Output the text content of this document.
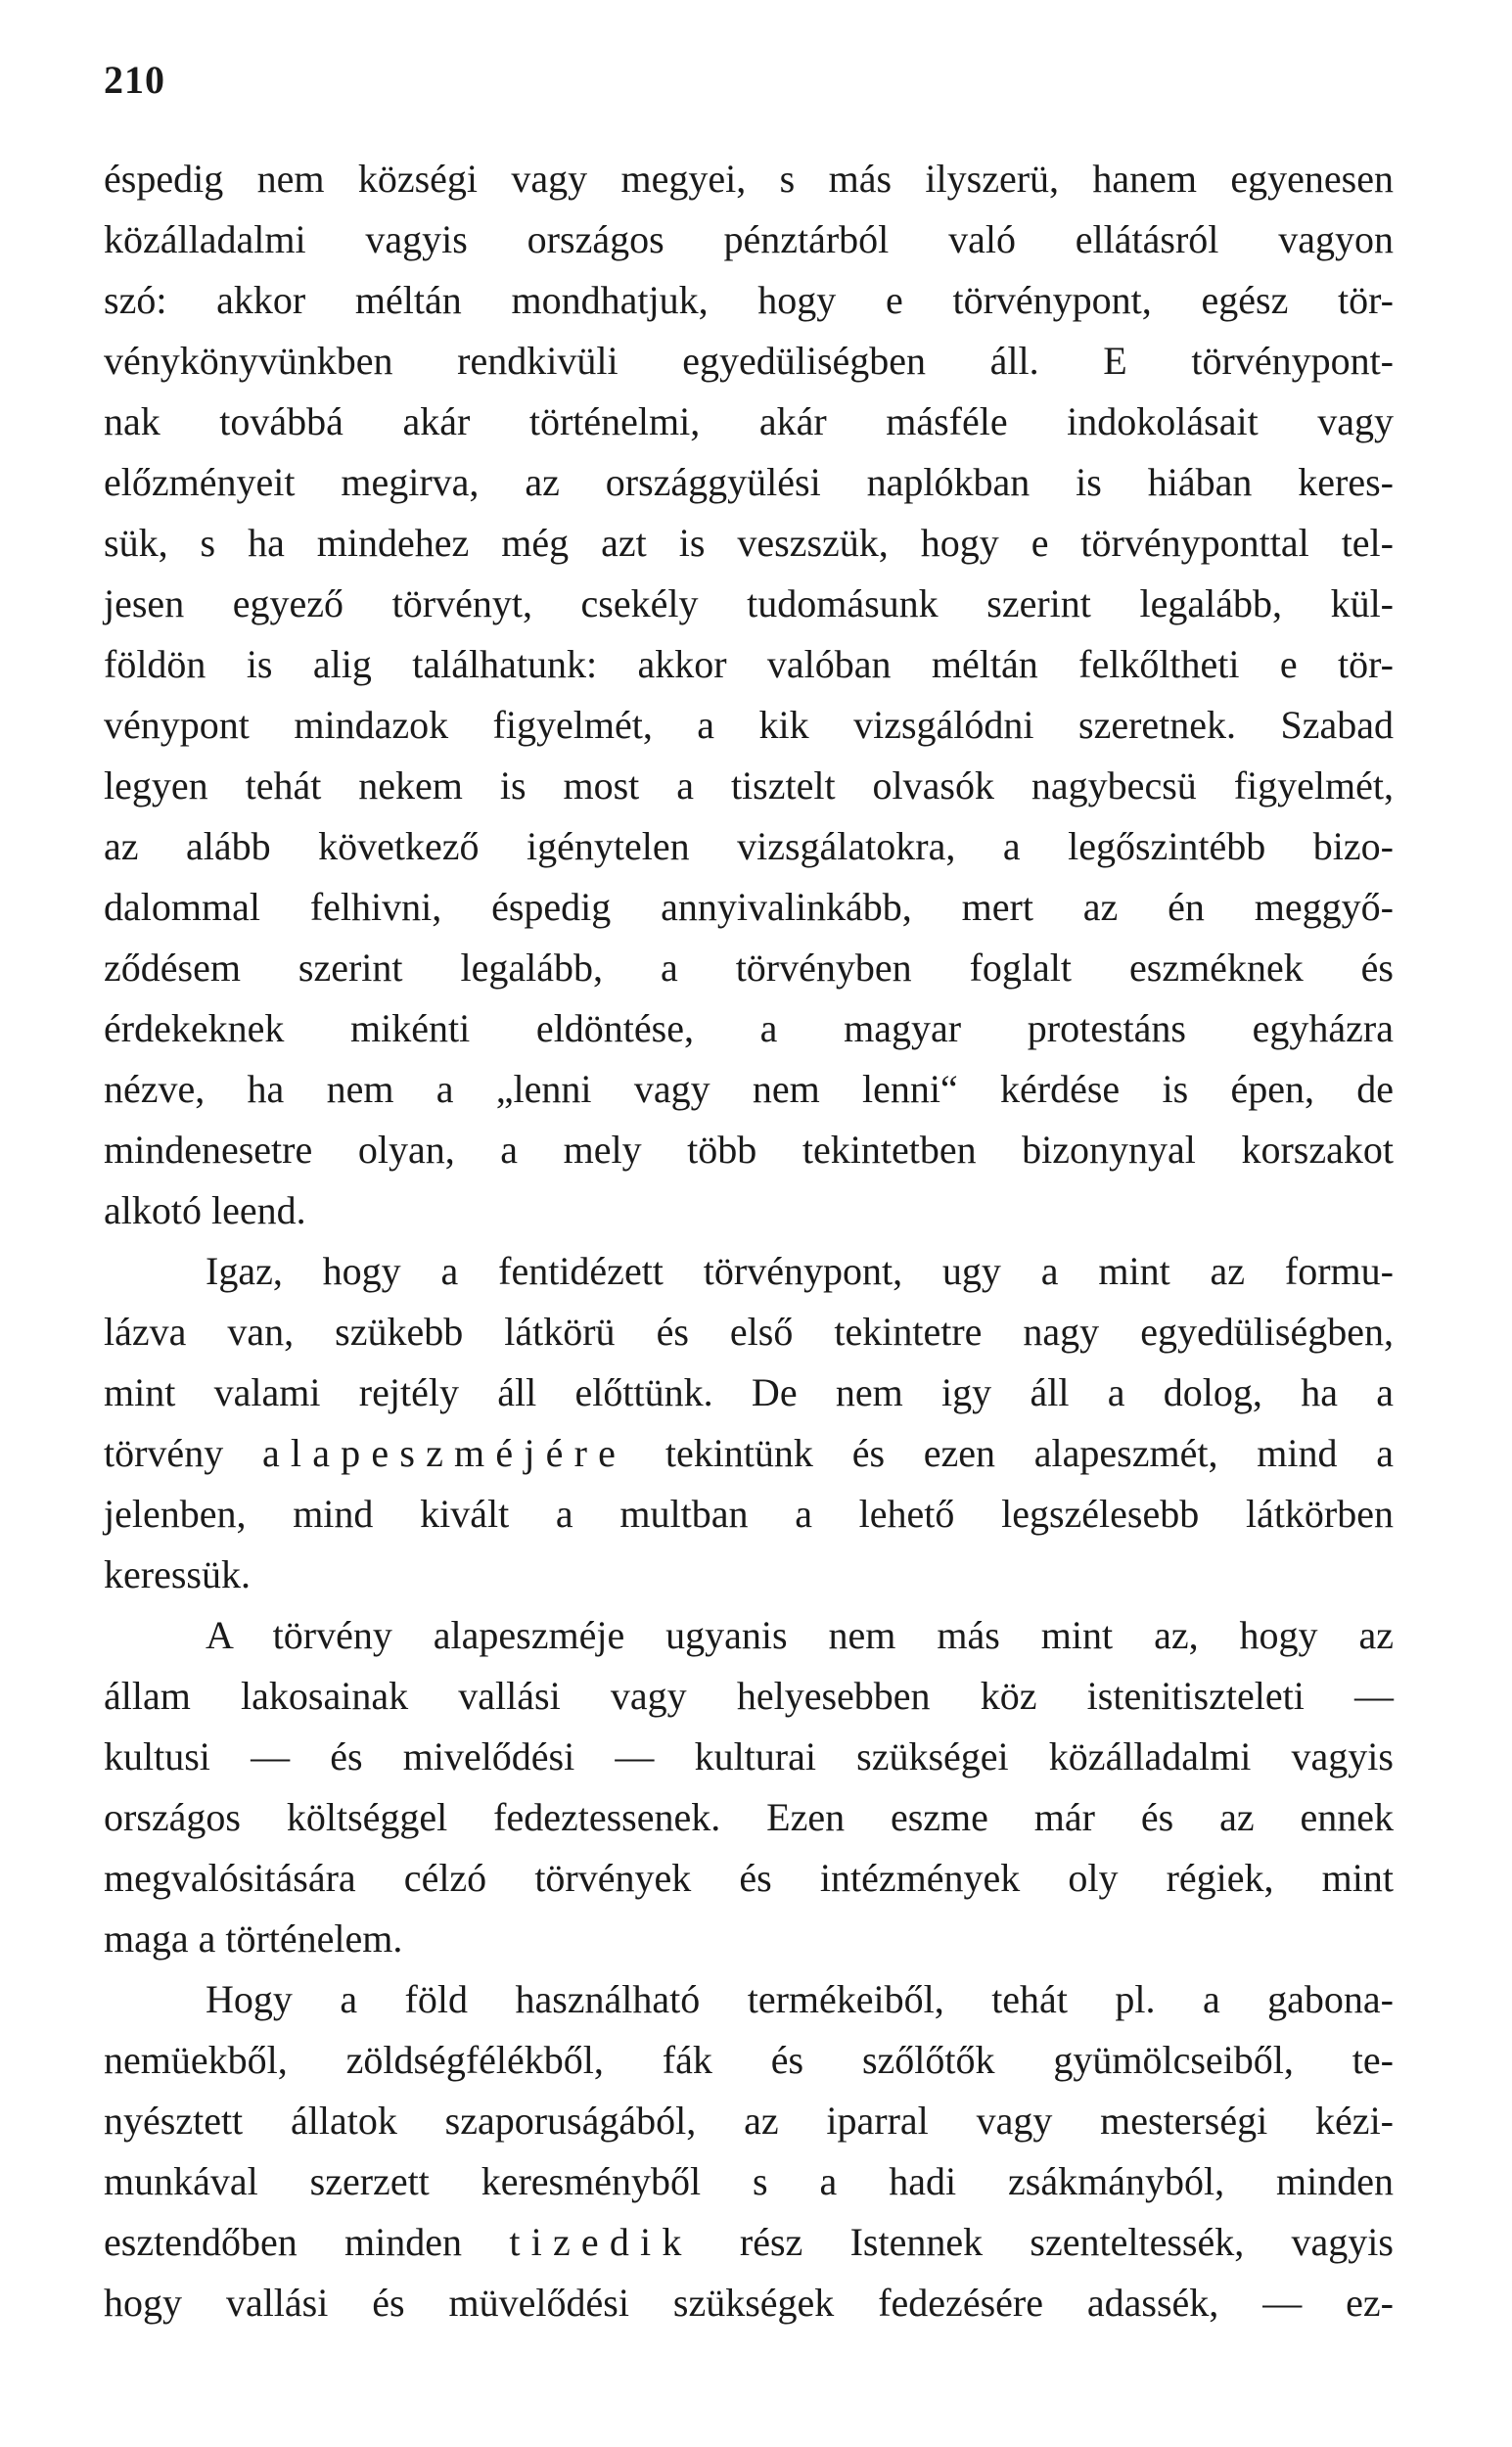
210
éspedig nem községi vagy megyei, s más ilyszerü, hanem egyenesen
közálladalmi vagyis országos pénztárból való ellátásról vagyon
szó: akkor méltán mondhatjuk, hogy e törvénypont, egész tör-
vénykönyvünkben rendkivüli egyedüliségben áll. E törvénypont-
nak továbbá akár történelmi, akár másféle indokolásait vagy
előzményeit megirva, az országgyülési naplókban is hiában keres-
sük, s ha mindehez még azt is veszszük, hogy e törvényponttal tel-
jesen egyező törvényt, csekély tudomásunk szerint legalább, kül-
földön is alig találhatunk: akkor valóban méltán felkőltheti e tör-
vénypont mindazok figyelmét, a kik vizsgálódni szeretnek. Szabad
legyen tehát nekem is most a tisztelt olvasók nagybecsü figyelmét,
az alább következő igénytelen vizsgálatokra, a legőszintébb bizo-
dalommal felhivni, éspedig annyivalinkább, mert az én meggyő-
ződésem szerint legalább, a törvényben foglalt eszméknek és
érdekeknek mikénti eldöntése, a magyar protestáns egyházra
nézve, ha nem a „lenni vagy nem lenni“ kérdése is épen, de
mindenesetre olyan, a mely több tekintetben bizonynyal korszakot
alkotó leend.
Igaz, hogy a fentidézett törvénypont, ugy a mint az formu-
lázva van, szükebb látkörü és első tekintetre nagy egyedüliségben,
mint valami rejtély áll előttünk. De nem igy áll a dolog, ha a
törvény alapeszméjére tekintünk és ezen alapeszmét, mind a
jelenben, mind kivált a multban a lehető legszélesebb látkörben
keressük.
A törvény alapeszméje ugyanis nem más mint az, hogy az
állam lakosainak vallási vagy helyesebben köz istenitiszteleti —
kultusi — és mivelődési — kulturai szükségei közálladalmi vagyis
országos költséggel fedeztessenek. Ezen eszme már és az ennek
megvalósitására célzó törvények és intézmények oly régiek, mint
maga a történelem.
Hogy a föld használható termékeiből, tehát pl. a gabona-
nemüekből, zöldségfélékből, fák és szőlőtők gyümölcseiből, te-
nyésztett állatok szaporuságából, az iparral vagy mesterségi kézi-
munkával szerzett keresményből s a hadi zsákmányból, minden
esztendőben minden tizedik rész Istennek szenteltessék, vagyis
hogy vallási és müvelődési szükségek fedezésére adassék, — ez-
